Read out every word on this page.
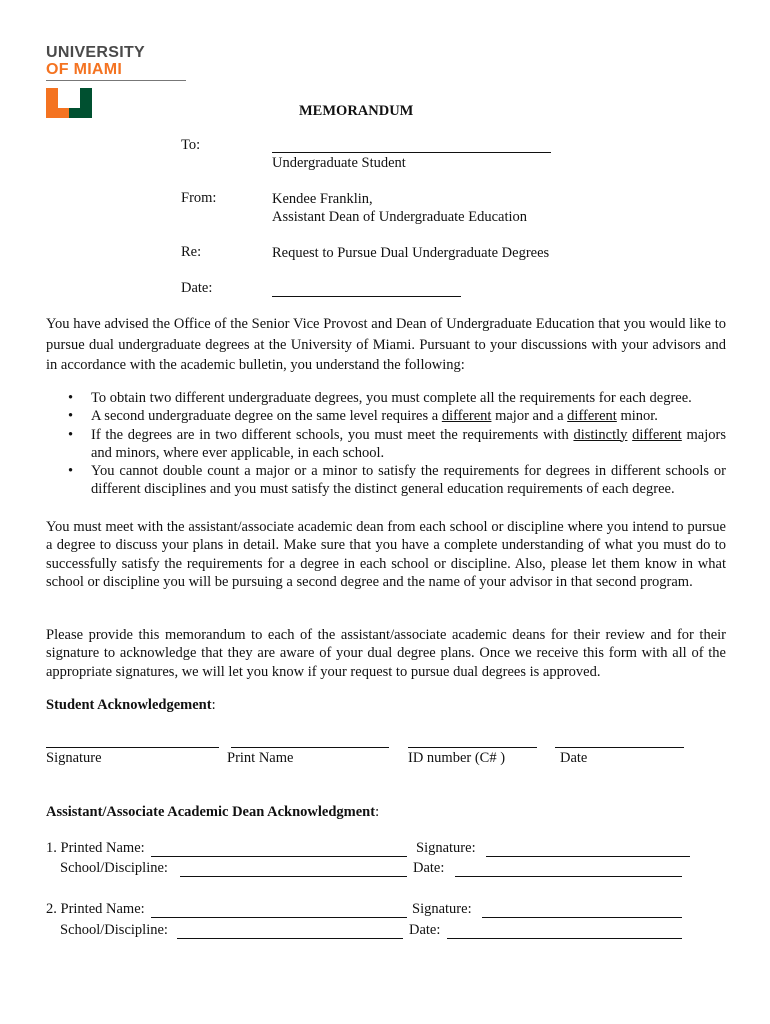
UNIVERSITY
OF MIAMI
MEMORANDUM
To:
Undergraduate Student
From:	Kendee Franklin,
Assistant Dean of Undergraduate Education
Re:	Request to Pursue Dual Undergraduate Degrees
Date:
You have advised the Office of the Senior Vice Provost and Dean of Undergraduate Education that you would like to pursue dual undergraduate degrees at the University of Miami. Pursuant to your discussions with your advisors and in accordance with the academic bulletin, you understand the following:
• To obtain two different undergraduate degrees, you must complete all the requirements for each degree.
• A second undergraduate degree on the same level requires a different major and a different minor.
• If the degrees are in two different schools, you must meet the requirements with distinctly different majors and minors, where ever applicable, in each school.
• You cannot double count a major or a minor to satisfy the requirements for degrees in different schools or different disciplines and you must satisfy the distinct general education requirements of each degree.
You must meet with the assistant/associate academic dean from each school or discipline where you intend to pursue a degree to discuss your plans in detail. Make sure that you have a complete understanding of what you must do to successfully satisfy the requirements for a degree in each school or discipline. Also, please let them know in what school or discipline you will be pursuing a second degree and the name of your advisor in that second program.
Please provide this memorandum to each of the assistant/associate academic deans for their review and for their signature to acknowledge that they are aware of your dual degree plans. Once we receive this form with all of the appropriate signatures, we will let you know if your request to pursue dual degrees is approved.
Student Acknowledgement:
Signature	Print Name	ID number (C# )	Date
Assistant/Associate Academic Dean Acknowledgment:
1. Printed Name:	Signature:
School/Discipline:	Date:
2. Printed Name:	Signature:
School/Discipline:	Date:
